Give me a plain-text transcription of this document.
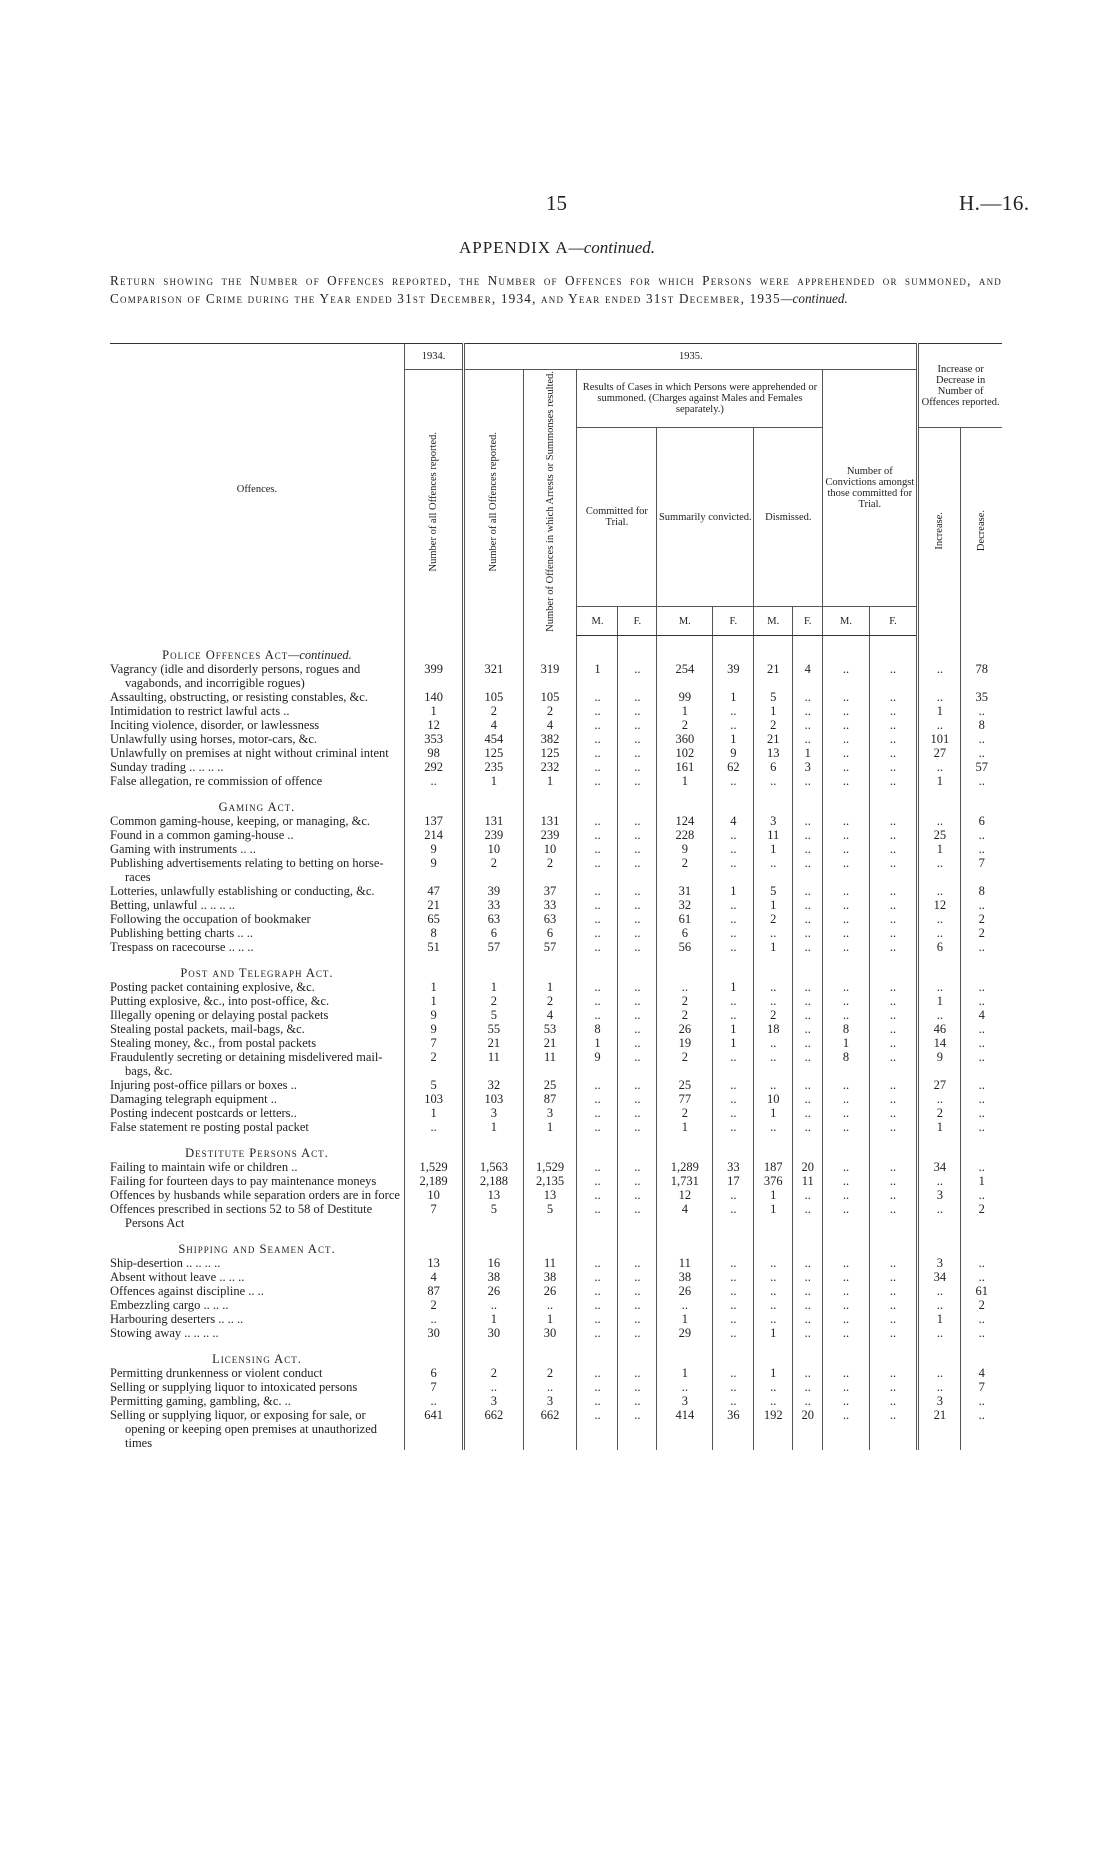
15	H.—16.
APPENDIX A—continued.
Return showing the Number of Offences reported, the Number of Offences for which Persons were apprehended or summoned, and Comparison of Crime during the Year ended 31st December, 1934, and Year ended 31st December, 1935—continued.
Offences.	1934.	1935.										Increase or Decrease in Number of Offences reported.	
	Number of all Offences reported.	Number of all Offences reported.	Number of Offences in which Arrests or Summonses resulted.	Results of Cases in which Persons were apprehended or summoned. (Charges against Males and Females separately.)						Number of Convictions amongst those committed for Trial.			
				Committed for Trial.		Summarily convicted.		Dismissed.				Increase.	Decrease.
				M.	F.	M.	F.	M.	F.	M.	F.		
Police Offences Act—continued.													
Vagrancy (idle and disorderly persons, rogues and vagabonds, and incorrigible rogues)	399	321	319	1	..	254	39	21	4	..	..	..	78
Assaulting, obstructing, or resisting constables, &c.	140	105	105	..	..	99	1	5	..	..	..	..	35
Intimidation to restrict lawful acts ..	1	2	2	..	..	1	..	1	..	..	..	1	..
Inciting violence, disorder, or lawlessness	12	4	4	..	..	2	..	2	..	..	..	..	8
Unlawfully using horses, motor-cars, &c.	353	454	382	..	..	360	1	21	..	..	..	101	..
Unlawfully on premises at night without criminal intent	98	125	125	..	..	102	9	13	1	..	..	27	..
Sunday trading .. .. .. ..	292	235	232	..	..	161	62	6	3	..	..	..	57
False allegation, re commission of offence	..	1	1	..	..	1	..	..	..	..	..	1	..
Gaming Act.													
Common gaming-house, keeping, or managing, &c.	137	131	131	..	..	124	4	3	..	..	..	..	6
Found in a common gaming-house ..	214	239	239	..	..	228	..	11	..	..	..	25	..
Gaming with instruments .. ..	9	10	10	..	..	9	..	1	..	..	..	1	..
Publishing advertisements relating to betting on horse-races	9	2	2	..	..	2	..	..	..	..	..	..	7
Lotteries, unlawfully establishing or conducting, &c.	47	39	37	..	..	31	1	5	..	..	..	..	8
Betting, unlawful .. .. .. ..	21	33	33	..	..	32	..	1	..	..	..	12	..
Following the occupation of bookmaker	65	63	63	..	..	61	..	2	..	..	..	..	2
Publishing betting charts .. ..	8	6	6	..	..	6	..	..	..	..	..	..	2
Trespass on racecourse .. .. ..	51	57	57	..	..	56	..	1	..	..	..	6	..
Post and Telegraph Act.													
Posting packet containing explosive, &c.	1	1	1	..	..	..	1	..	..	..	..	..	..
Putting explosive, &c., into post-office, &c.	1	2	2	..	..	2	..	..	..	..	..	1	..
Illegally opening or delaying postal packets	9	5	4	..	..	2	..	2	..	..	..	..	4
Stealing postal packets, mail-bags, &c.	9	55	53	8	..	26	1	18	..	8	..	46	..
Stealing money, &c., from postal packets	7	21	21	1	..	19	1	..	..	1	..	14	..
Fraudulently secreting or detaining misdelivered mail-bags, &c.	2	11	11	9	..	2	..	..	..	8	..	9	..
Injuring post-office pillars or boxes ..	5	32	25	..	..	25	..	..	..	..	..	27	..
Damaging telegraph equipment ..	103	103	87	..	..	77	..	10	..	..	..	..	..
Posting indecent postcards or letters..	1	3	3	..	..	2	..	1	..	..	..	2	..
False statement re posting postal packet	..	1	1	..	..	1	..	..	..	..	..	1	..
Destitute Persons Act.													
Failing to maintain wife or children ..	1,529	1,563	1,529	..	..	1,289	33	187	20	..	..	34	..
Failing for fourteen days to pay maintenance moneys	2,189	2,188	2,135	..	..	1,731	17	376	11	..	..	..	1
Offences by husbands while separation orders are in force	10	13	13	..	..	12	..	1	..	..	..	3	..
Offences prescribed in sections 52 to 58 of Destitute Persons Act	7	5	5	..	..	4	..	1	..	..	..	..	2
Shipping and Seamen Act.													
Ship-desertion .. .. .. ..	13	16	11	..	..	11	..	..	..	..	..	3	..
Absent without leave .. .. ..	4	38	38	..	..	38	..	..	..	..	..	34	..
Offences against discipline .. ..	87	26	26	..	..	26	..	..	..	..	..	..	61
Embezzling cargo .. .. ..	2	..	..	..	..	..	..	..	..	..	..	..	2
Harbouring deserters .. .. ..	..	1	1	..	..	1	..	..	..	..	..	1	..
Stowing away .. .. .. ..	30	30	30	..	..	29	..	1	..	..	..	..	..
Licensing Act.													
Permitting drunkenness or violent conduct	6	2	2	..	..	1	..	1	..	..	..	..	4
Selling or supplying liquor to intoxicated persons	7	..	..	..	..	..	..	..	..	..	..	..	7
Permitting gaming, gambling, &c. ..	..	3	3	..	..	3	..	..	..	..	..	3	..
Selling or supplying liquor, or exposing for sale, or opening or keeping open premises at unauthorized times	641	662	662	..	..	414	36	192	20	..	..	21	..
